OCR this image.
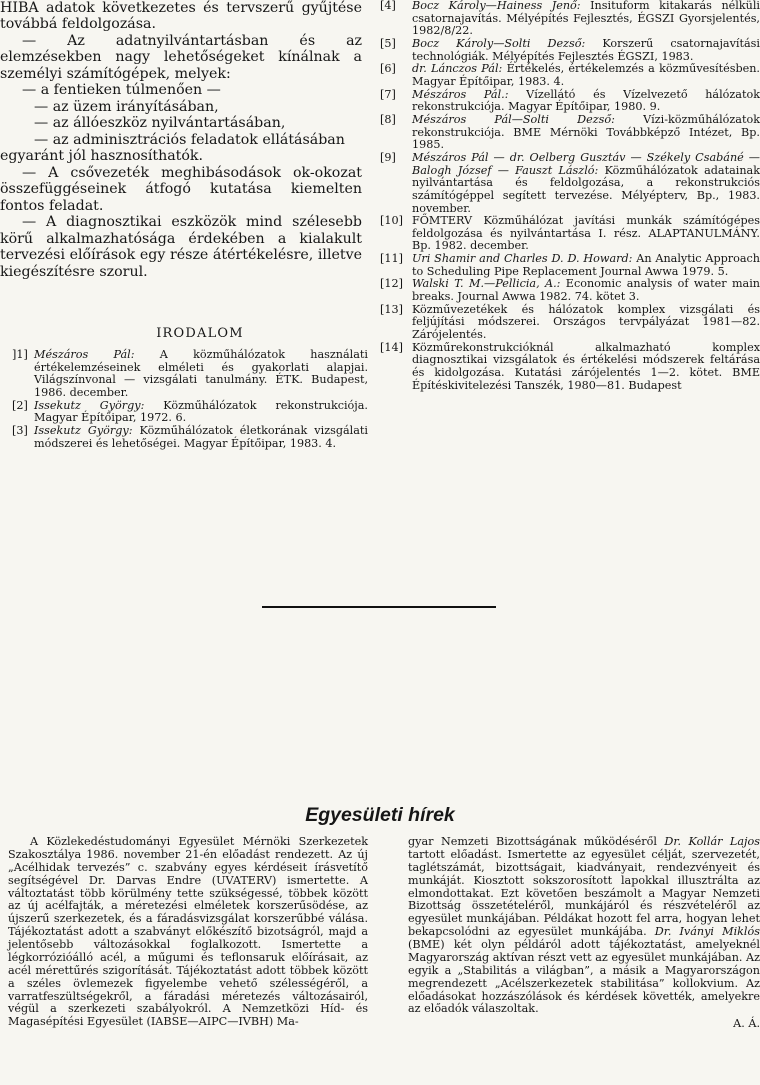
HIBA adatok következetes és tervszerű gyűjtése továbbá feldolgozása.

— Az adatnyilvántartásban és az elemzésekben nagy lehetőségeket kínálnak a személyi számítógépek, melyek:

— a fentieken túlmenően —

— az üzem irányításában,

— az állóeszköz nyilvántartásában,

— az adminisztrációs feladatok ellátásában

egyaránt jól hasznosíthatók.

— A csővezeték meghibásodások ok-okozat összefüggéseinek átfogó kutatása kiemelten fontos feladat.

— A diagnosztikai eszközök mind szélesebb körű alkalmazhatósága érdekében a kialakult tervezési előírások egy része átértékelésre, illetve kiegészítésre szorul.

IRODALOM
]1] Mészáros Pál: A közműhálózatok használati értékelemzéseinek elméleti és gyakorlati alapjai. Világszínvonal — vizsgálati tanulmány. ÉTK. Budapest, 1986. december.
[2] Issekutz György: Közműhálózatok rekonstrukciója. Magyar Építőipar, 1972. 6.
[3] Issekutz György: Közműhálózatok életkorának vizsgálati módszerei és lehetőségei. Magyar Építőipar, 1983. 4.
[4]	Bocz Károly—Hainess Jenő: Insituform kitakarás nélküli csatornajavítás. Mélyépítés Fejlesztés, ÉGSZI Gyorsjelentés, 1982/8/22.
[5]	Bocz Károly—Solti Dezső: Korszerű csatornajavítási technológiák. Mélyépítés Fejlesztés ÉGSZI, 1983.
[6]	dr. Lánczos Pál: Értékelés, értékelemzés a közművesítésben. Magyar Építőipar, 1983. 4.
[7]	Mészáros Pál.: Vízellátó és Vízelvezető hálózatok rekonstrukciója. Magyar Építőipar, 1980. 9.
[8]	Mészáros Pál—Solti Dezső:	Vízi-közműhálózatok rekonstrukciója. BME Mérnöki Továbbképző Intézet, Bp. 1985.
[9]	Mészáros Pál — dr. Oelberg Gusztáv — Székely Csabáné — Balogh József — Fauszt László: Közműhálózatok adatainak nyilvántartása és feldolgozása, a rekonstrukciós számítógéppel segített tervezése. Mélyépterv, Bp., 1983. november.
[10] FŐMTERV Közműhálózat javítási munkák számítógépes feldolgozása és nyilvántartása I. rész. ALAPTANULMÁNY. Bp. 1982. december.
[11] Uri Shamir and Charles D. D. Howard: An Analytic Approach to Scheduling Pipe Replacement Journal Awwa 1979. 5.
[12] Walski T. M.—Pellicia, A.: Economic analysis of water main breaks. Journal Awwa 1982. 74. kötet 3.
[13] Közművezetékek és hálózatok komplex vizsgálati és feljújítási módszerei. Országos tervpályázat 1981—82. Zárójelentés.
[14] Közműrekonstrukcióknál alkalmazható komplex diagnosztikai vizsgálatok és értékelési módszerek feltárása és kidolgozása. Kutatási zárójelentés 1—2. kötet. BME Építéskivitelezési Tanszék, 1980—81. Budapest
Egyesületi hírek

A Közlekedéstudományi Egyesület Mérnöki Szerkezetek Szakosztálya 1986. november 21-én előadást rendezett. Az új „Acélhidak tervezés” c. szabvány egyes kérdéseit írásvetítő segítségével Dr. Darvas Endre (UVATERV) ismertette. A változtatást több körülmény tette szükségessé, többek között az új acélfajták, a méretezési elméletek korszerűsödése, az újszerű szerkezetek, és a fáradásvizsgálat korszerűbbé válása. Tájékoztatást adott a szabványt előkészítő bizotságról, majd a jelentősebb változásokkal foglalkozott. Ismertette a légkorrózióálló acél, a műgumi és teflonsaruk előírásait, az acél mérettűrés szigorítását. Tájékoztatást adott többek között a széles övlemezek figyelembe vehető szélességéről, a varratfeszültségekről, a fáradási méretezés változásairól, végül a szerkezeti szabályokról. A Nemzetközi Híd- és Magasépítési Egyesület (IABSE—AIPC—IVBH) Ma-

gyar Nemzeti Bizottságának működéséről Dr. Kollár Lajos tartott előadást. Ismertette az egyesület célját, szervezetét, taglétszámát, bizottságait, kiadványait, rendezvényeit és munkáját. Kiosztott sokszorosított lapokkal illusztrálta az elmondottakat. Ezt követően beszámolt a Magyar Nemzeti Bizottság összetételéről, munkájáról és részvételéről az egyesület munkájában. Példákat hozott fel arra, hogyan lehet bekapcsolódni az egyesület munkájába. Dr. Iványi Miklós (BME) két olyn példáról adott tájékoztatást, amelyeknél Magyarország aktívan részt vett az egyesület munkájában. Az egyik a „Stabilitás a világban”, a másik a Magyarországon megrendezett „Acélszerkezetek stabilitása” kollokvium. Az előadásokat hozzászólások és kérdések követték, amelyekre az előadók válaszoltak.

A. Á.
